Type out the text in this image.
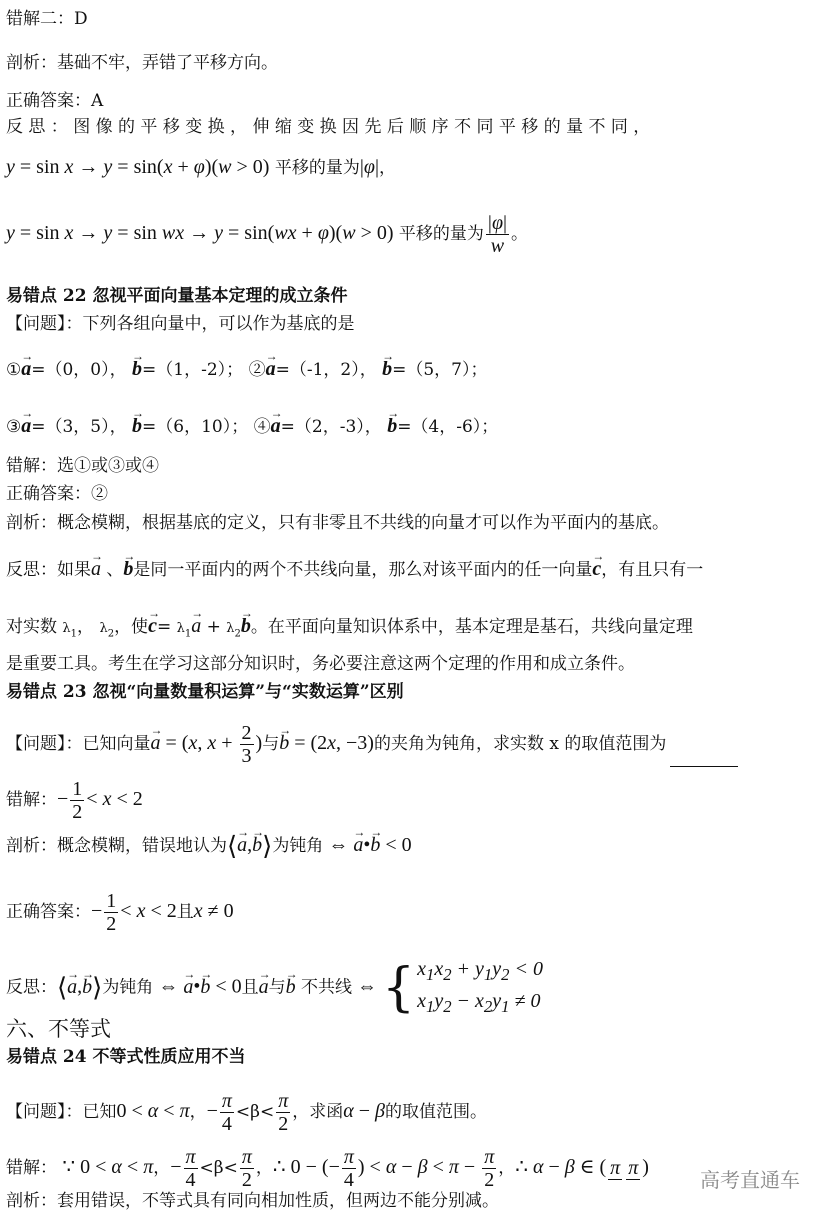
错解二：D
剖析：基础不牢，弄错了平移方向。
正确答案：A
反 思 ： 图 像 的 平 移 变 换 ， 伸 缩 变 换 因 先 后 顺 序 不 同 平 移 的 量 不 同 ，
y = sin x → y = sin(x + φ)(w > 0) 平移的量为|φ|，
y = sin x → y = sin wx → y = sin(wx + φ)(w > 0) 平移的量为 $\frac{|\varphi|}{w}$ 。
易错点 22 忽视平面向量基本定理的成立条件
【问题】：下列各组向量中，可以作为基底的是
①→ a=（0，0）， → b=（1，-2）； ②→ a=（-1，2）， → b=（5，7）；
③→ a=（3，5）， → b=（6，10）； ④→ a=（2，-3）， → b=（4，-6）；
错解：选①或③或④
正确答案：②
剖析：概念模糊，根据基底的定义，只有非零且不共线的向量才可以作为平面内的基底。
反思：如果→ a 、→ b是同一平面内的两个不共线向量，那么对该平面内的任一向量→ c，有且只有一
对实数 $\lambda_1$， $\lambda_2$，使→ $c= \lambda_1\to a + \lambda_2\to b$。在平面向量知识体系中，基本定理是基石，共线向量定理
是重要工具。考生在学习这部分知识时，务必要注意这两个定理的作用和成立条件。
易错点 23 忽视“向量数量积运算”与“实数运算”区别
【问题】：已知向量→ a = (x, $x + \frac{2}{3}$ )与→ b = (2x, −3)的夹角为钝角，求实数 x 的取值范围为
错解：− $\frac{1}{2} < x < 2$
剖析：概念模糊，错误地认为⟨→ a,→ b⟩为钝角 ⇔ → a•→ b < 0
正确答案：− $\frac{1}{2} < x < 2$且x ≠ 0
反思：⟨→ a,→ b⟩为钝角 ⇔ → a•→ b < 0且→ a与→ b 不共线 ⇔ { $x_1x_2 + y_1y_2 < 0$
$x_1y_2 - x_2y_1 \ne 0$
六、不等式
易错点 24 不等式性质应用不当
【问题】：已知0 < α < π，− $\frac{\pi}{4} <\beta< \frac{\pi}{2}$ ，求函α − β的取值范围。
错解： ∵ 0 < α < π，− $\frac{\pi}{4} <\beta< \frac{\pi}{2}$ ，∴ 0 − (− $\frac{\pi}{4}$ ) < $\alpha - \beta < \pi - \frac{\pi}{2}$ ，∴ α − β ∈ ( π π )
剖析：套用错误，不等式具有同向相加性质，但两边不能分别减。
高考直通车
